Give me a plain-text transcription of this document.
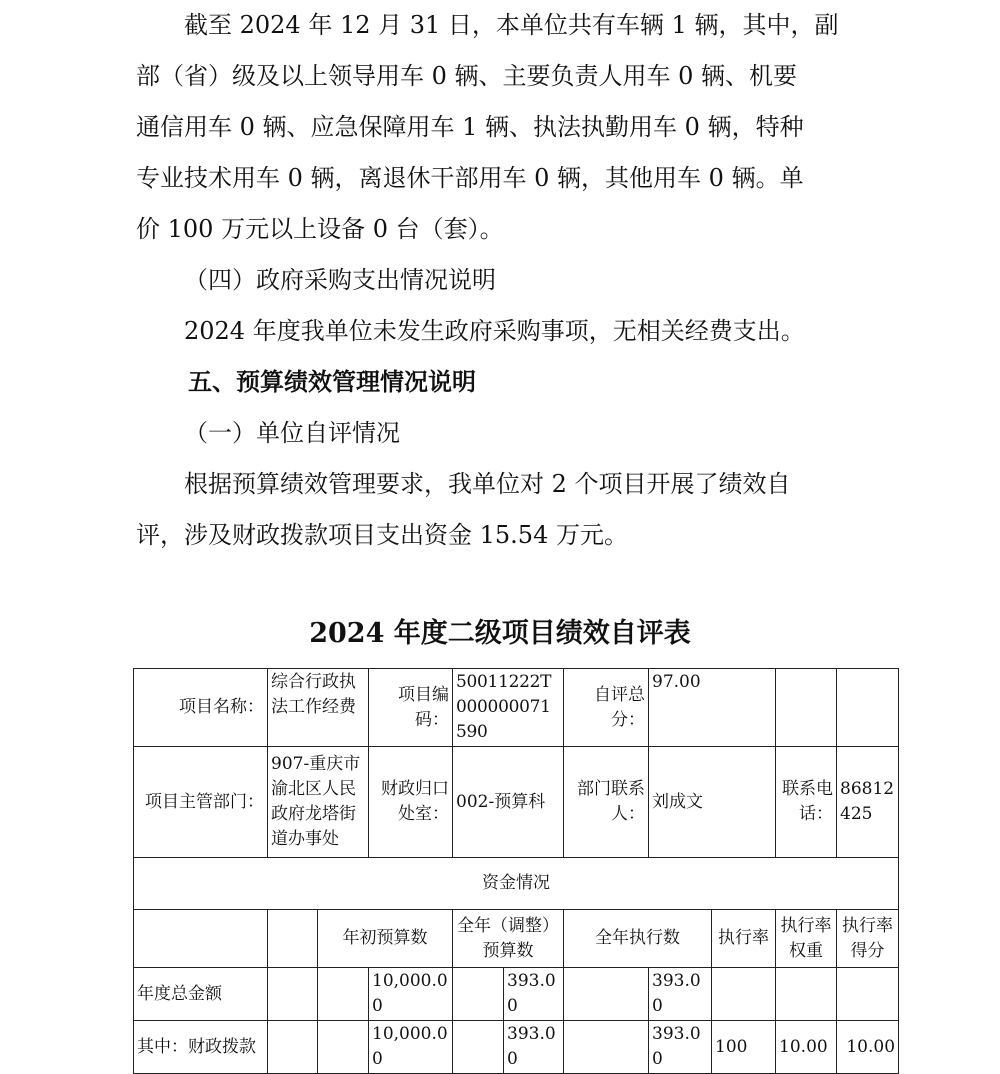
截至 2024 年 12 月 31 日，本单位共有车辆 1 辆，其中，副
部（省）级及以上领导用车 0 辆、主要负责人用车 0 辆、机要
通信用车 0 辆、应急保障用车 1 辆、执法执勤用车 0 辆，特种
专业技术用车 0 辆，离退休干部用车 0 辆，其他用车 0 辆。单
价 100 万元以上设备 0 台（套）。
（四）政府采购支出情况说明
2024 年度我单位未发生政府采购事项，无相关经费支出。
五、预算绩效管理情况说明
（一）单位自评情况
根据预算绩效管理要求，我单位对 2 个项目开展了绩效自
评，涉及财政拨款项目支出资金 15.54 万元。
2024 年度二级项目绩效自评表
项目名称：	综合行政执法工作经费		项目编码：	50011222T000000071590		自评总分：	97.00			
项目主管部门：	907-重庆市渝北区人民政府龙塔街道办事处		财政归口处室：	002-预算科		部门联系人：	刘成文		联系电话：	86812425
资金情况										
		年初预算数		全年（调整）预算数		全年执行数		执行率	执行率权重	执行率得分
年度总金额			10,000.00		393.00		393.00			
其中：财政拨款			10,000.00		393.00		393.00	100	10.00	10.00
